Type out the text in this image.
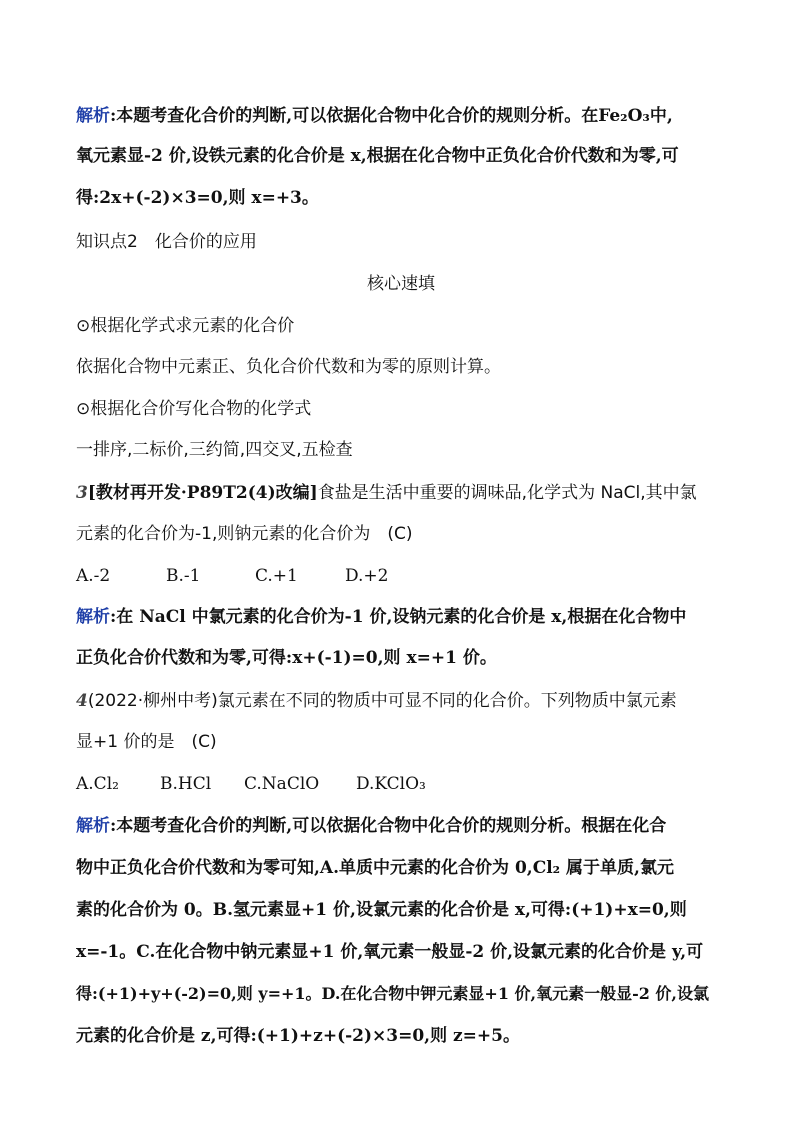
解析:本题考查化合价的判断,可以依据化合物中化合价的规则分析。在Fe₂O₃中,
氧元素显-2 价,设铁元素的化合价是 x,根据在化合物中正负化合价代数和为零,可
得:2x+(-2)×3=0,则 x=+3。
知识点2　化合价的应用
核心速填
⊙根据化学式求元素的化合价
依据化合物中元素正、负化合价代数和为零的原则计算。
⊙根据化合价写化合物的化学式
一排序,二标价,三约简,四交叉,五检查
3[教材再开发·P89T2(4)改编]食盐是生活中重要的调味品,化学式为 NaCl,其中氯
元素的化合价为-1,则钠元素的化合价为　(C)
A.-2	B.-1	C.+1	D.+2
解析:在 NaCl 中氯元素的化合价为-1 价,设钠元素的化合价是 x,根据在化合物中
正负化合价代数和为零,可得:x+(-1)=0,则 x=+1 价。
4(2022·柳州中考)氯元素在不同的物质中可显不同的化合价。下列物质中氯元素
显+1 价的是　(C)
A.Cl₂ B.HCl C.NaClO D.KClO₃
解析:本题考查化合价的判断,可以依据化合物中化合价的规则分析。根据在化合
物中正负化合价代数和为零可知,A.单质中元素的化合价为 0,Cl₂ 属于单质,氯元
素的化合价为 0。B.氢元素显+1 价,设氯元素的化合价是 x,可得:(+1)+x=0,则
x=-1。C.在化合物中钠元素显+1 价,氧元素一般显-2 价,设氯元素的化合价是 y,可
得:(+1)+y+(-2)=0,则 y=+1。D.在化合物中钾元素显+1 价,氧元素一般显-2 价,设氯
元素的化合价是 z,可得:(+1)+z+(-2)×3=0,则 z=+5。
